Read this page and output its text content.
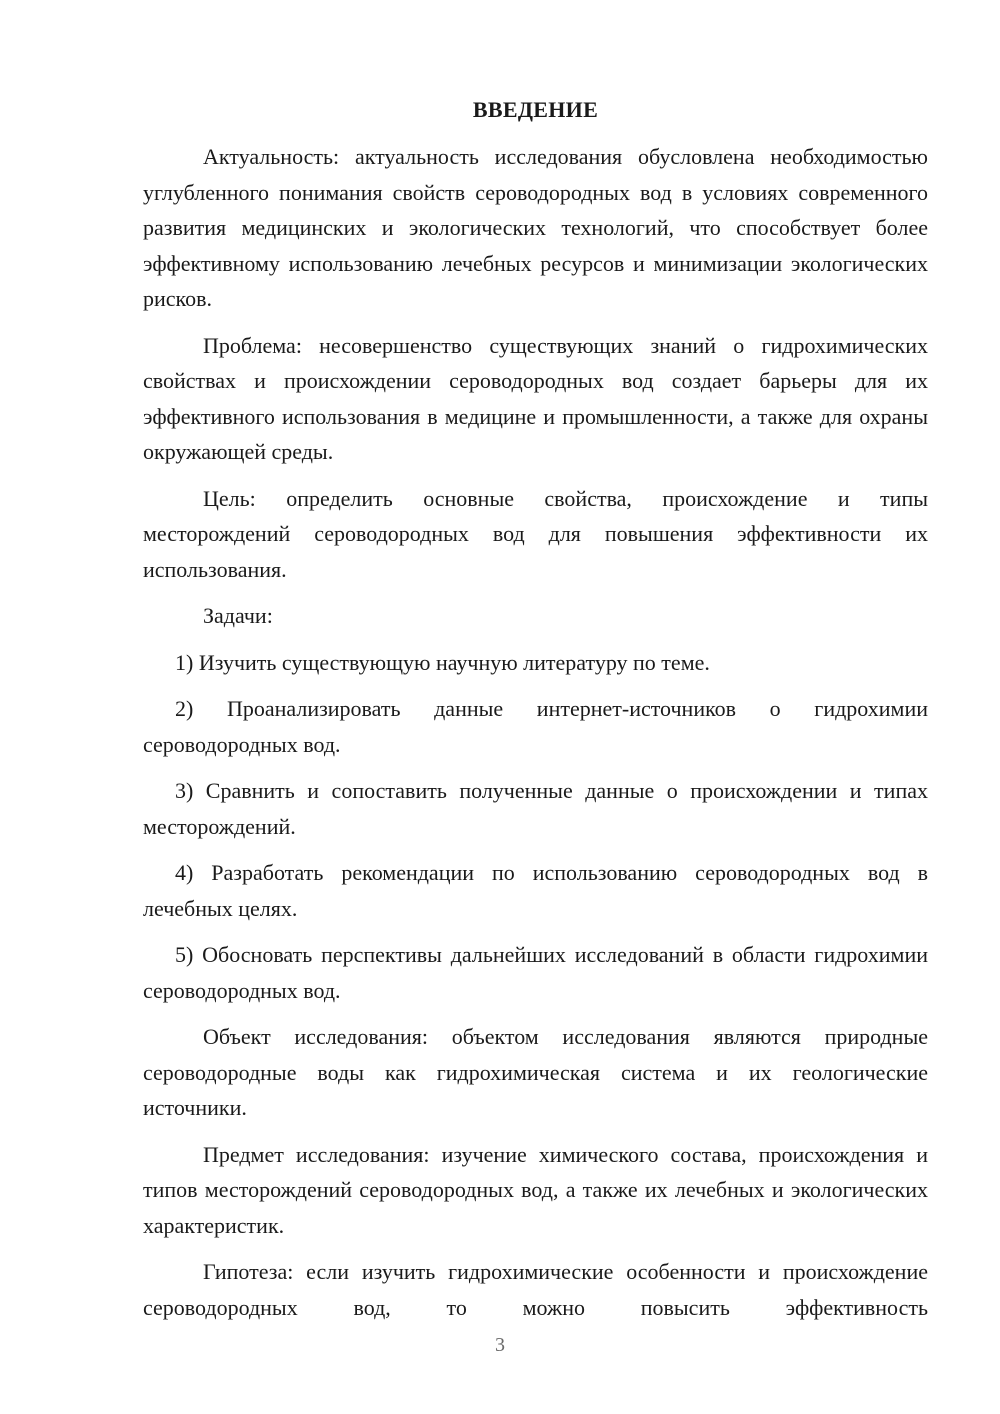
ВВЕДЕНИЕ

Актуальность: актуальность исследования обусловлена необходимостью углубленного понимания свойств сероводородных вод в условиях современного развития медицинских и экологических технологий, что способствует более эффективному использованию лечебных ресурсов и минимизации экологических рисков.

Проблема: несовершенство существующих знаний о гидрохимических свойствах и происхождении сероводородных вод создает барьеры для их эффективного использования в медицине и промышленности, а также для охраны окружающей среды.

Цель: определить основные свойства, происхождение и типы месторождений сероводородных вод для повышения эффективности их использования.

Задачи:

1) Изучить существующую научную литературу по теме.

2) Проанализировать данные интернет-источников о гидрохимии сероводородных вод.

3) Сравнить и сопоставить полученные данные о происхождении и типах месторождений.

4) Разработать рекомендации по использованию сероводородных вод в лечебных целях.

5) Обосновать перспективы дальнейших исследований в области гидрохимии сероводородных вод.

Объект исследования: объектом исследования являются природные сероводородные воды как гидрохимическая система и их геологические источники.

Предмет исследования: изучение химического состава, происхождения и типов месторождений сероводородных вод, а также их лечебных и экологических характеристик.

Гипотеза: если изучить гидрохимические особенности и происхождение сероводородных вод, то можно повысить эффективность

3
